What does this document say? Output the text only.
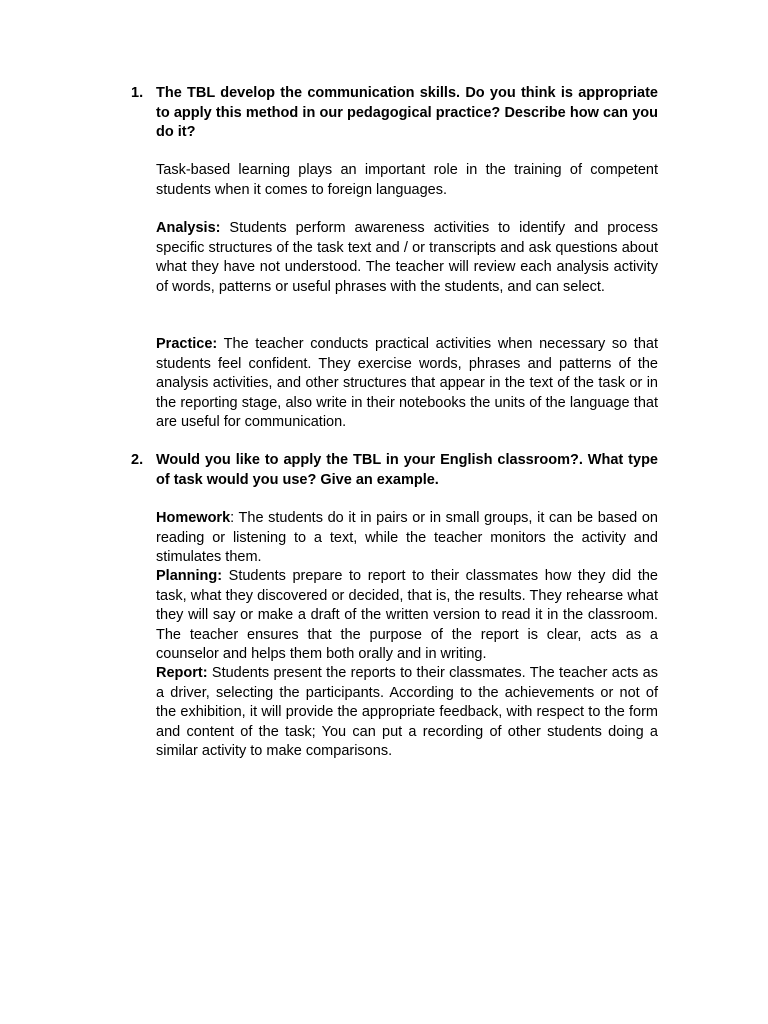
1. The TBL develop the communication skills. Do you think is appropriate to apply this method in our pedagogical practice? Describe how can you do it?

Task-based learning plays an important role in the training of competent students when it comes to foreign languages.

Analysis: Students perform awareness activities to identify and process specific structures of the task text and / or transcripts and ask questions about what they have not understood. The teacher will review each analysis activity of words, patterns or useful phrases with the students, and can select.

Practice: The teacher conducts practical activities when necessary so that students feel confident. They exercise words, phrases and patterns of the analysis activities, and other structures that appear in the text of the task or in the reporting stage, also write in their notebooks the units of the language that are useful for communication.

2. Would you like to apply the TBL in your English classroom?. What type of task would you use? Give an example.

Homework: The students do it in pairs or in small groups, it can be based on reading or listening to a text, while the teacher monitors the activity and stimulates them.

Planning: Students prepare to report to their classmates how they did the task, what they discovered or decided, that is, the results. They rehearse what they will say or make a draft of the written version to read it in the classroom. The teacher ensures that the purpose of the report is clear, acts as a counselor and helps them both orally and in writing.

Report: Students present the reports to their classmates. The teacher acts as a driver, selecting the participants. According to the achievements or not of the exhibition, it will provide the appropriate feedback, with respect to the form and content of the task; You can put a recording of other students doing a similar activity to make comparisons.
